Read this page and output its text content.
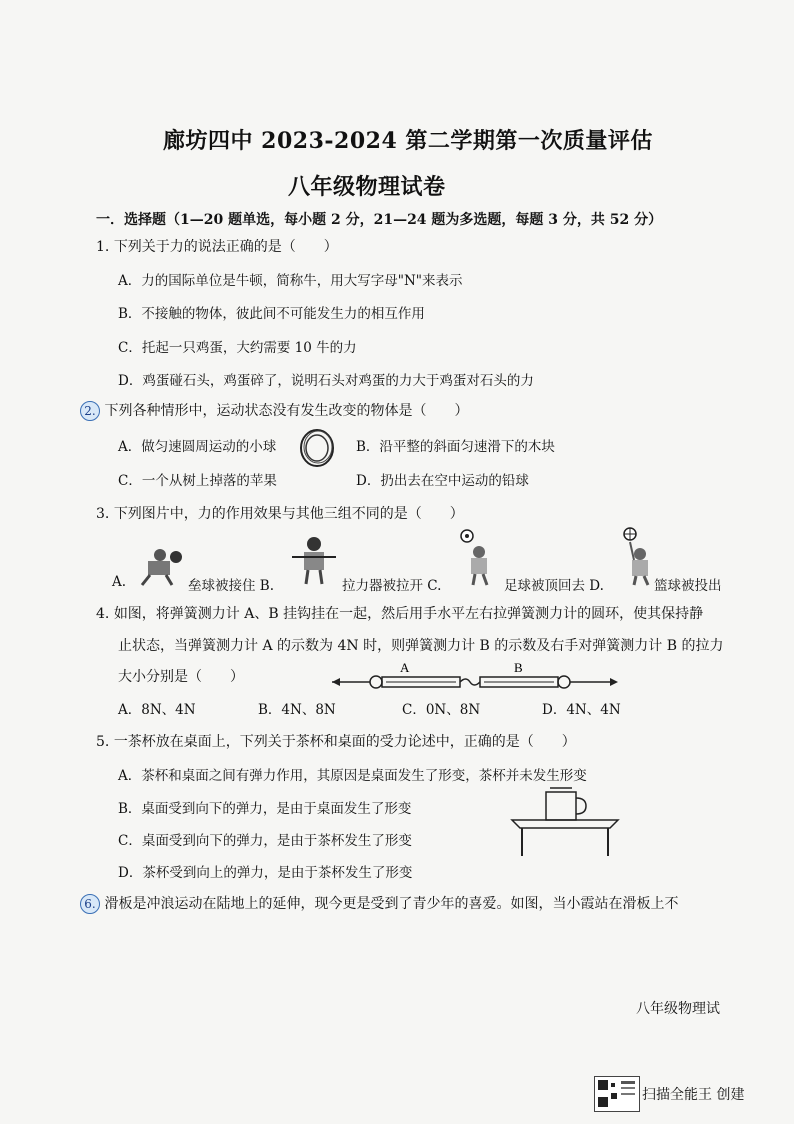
廊坊四中 2023-2024 第二学期第一次质量评估
八年级物理试卷
一．选择题（1—20 题单选，每小题 2 分，21—24 题为多选题，每题 3 分，共 52 分）
1. 下列关于力的说法正确的是（　　）
A．力的国际单位是牛顿，简称牛，用大写字母"N"来表示
B．不接触的物体，彼此间不可能发生力的相互作用
C．托起一只鸡蛋，大约需要 10 牛的力
D．鸡蛋碰石头，鸡蛋碎了，说明石头对鸡蛋的力大于鸡蛋对石头的力
2. 下列各种情形中，运动状态没有发生改变的物体是（　　）
A．做匀速圆周运动的小球	B．沿平整的斜面匀速滑下的木块
C．一个从树上掉落的苹果	D．扔出去在空中运动的铅球
3. 下列图片中，力的作用效果与其他三组不同的是（　　）
A.	垒球被接住 B.	拉力器被拉开 C.	足球被顶回去 D.	篮球被投出
4. 如图，将弹簧测力计 A、B 挂钩挂在一起，然后用手水平左右拉弹簧测力计的圆环，使其保持静
止状态，当弹簧测力计 A 的示数为 4N 时，则弹簧测力计 B 的示数及右手对弹簧测力计 B 的拉力
大小分别是（　　）
A	B
A．8N、4N	B．4N、8N	C．0N、8N	D．4N、4N
5. 一茶杯放在桌面上，下列关于茶杯和桌面的受力论述中，正确的是（　　）
A．茶杯和桌面之间有弹力作用，其原因是桌面发生了形变，茶杯并未发生形变
B．桌面受到向下的弹力，是由于桌面发生了形变
C．桌面受到向下的弹力，是由于茶杯发生了形变
D．茶杯受到向上的弹力，是由于茶杯发生了形变
6. 滑板是冲浪运动在陆地上的延伸，现今更是受到了青少年的喜爱。如图，当小霞站在滑板上不
八年级物理试
扫描全能王 创建
